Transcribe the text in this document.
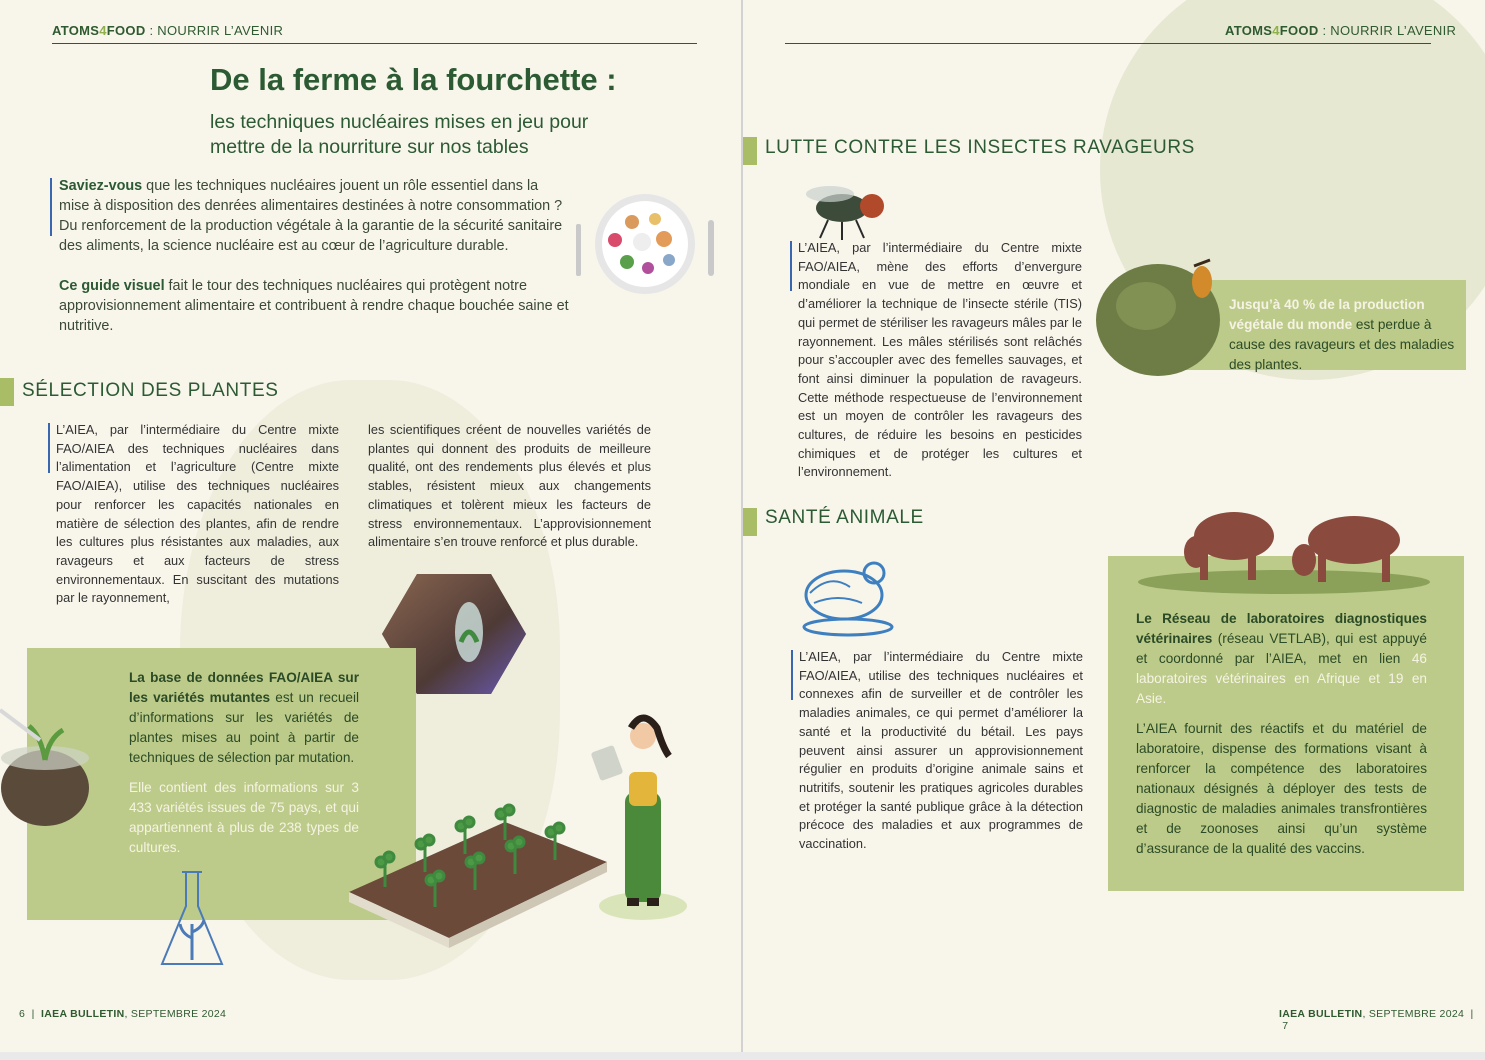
ATOMS4FOOD : NOURRIR L’AVENIR
De la ferme à la fourchette :
les techniques nucléaires mises en jeu pour mettre de la nourriture sur nos tables

Saviez-vous que les techniques nucléaires jouent un rôle essentiel dans la mise à disposition des denrées alimentaires destinées à notre consommation ? Du renforcement de la production végétale à la garantie de la sécurité sanitaire des aliments, la science nucléaire est au cœur de l’agriculture durable.

Ce guide visuel fait le tour des techniques nucléaires qui protègent notre approvisionnement alimentaire et contribuent à rendre chaque bouchée saine et nutritive.

SÉLECTION DES PLANTES
L’AIEA, par l’intermédiaire du Centre mixte FAO/AIEA des techniques nucléaires dans l’alimentation et l’agriculture (Centre mixte FAO/AIEA), utilise des techniques nucléaires pour renforcer les capacités nationales en matière de sélection des plantes, afin de rendre les cultures plus résistantes aux maladies, aux ravageurs et aux facteurs de stress environnementaux. En suscitant des mutations par le rayonnement,
les scientifiques créent de nouvelles variétés de plantes qui donnent des produits de meilleure qualité, ont des rendements plus élevés et plus stables, résistent mieux aux changements climatiques et tolèrent mieux les facteurs de stress environnementaux. L’approvisionnement alimentaire s’en trouve renforcé et plus durable.

La base de données FAO/AIEA sur les variétés mutantes est un recueil d’informations sur les variétés de plantes mises au point à partir de techniques de sélection par mutation.

Elle contient des informations sur 3 433 variétés issues de 75 pays, et qui appartiennent à plus de 238 types de cultures.

6  |  IAEA BULLETIN, SEPTEMBRE 2024
ATOMS4FOOD : NOURRIR L’AVENIR
LUTTE CONTRE LES INSECTES RAVAGEURS
L’AIEA, par l’intermédiaire du Centre mixte FAO/AIEA, mène des efforts d’envergure mondiale en vue de mettre en œuvre et d’améliorer la technique de l’insecte stérile (TIS) qui permet de stériliser les ravageurs mâles par le rayonnement. Les mâles stérilisés sont relâchés pour s’accoupler avec des femelles sauvages, et font ainsi diminuer la population de ravageurs. Cette méthode respectueuse de l’environnement est un moyen de contrôler les ravageurs des cultures, de réduire les besoins en pesticides chimiques et de protéger les cultures et l’environnement.
Jusqu’à 40 % de la production végétale du monde est perdue à cause des ravageurs et des maladies des plantes.
SANTÉ ANIMALE
L’AIEA, par l’intermédiaire du Centre mixte FAO/AIEA, utilise des techniques nucléaires et connexes afin de surveiller et de contrôler les maladies animales, ce qui permet d’améliorer la santé et la productivité du bétail. Les pays peuvent ainsi assurer un approvisionnement régulier en produits d’origine animale sains et nutritifs, soutenir les pratiques agricoles durables et protéger la santé publique grâce à la détection précoce des maladies et aux programmes de vaccination.

Le Réseau de laboratoires diagnostiques vétérinaires (réseau VETLAB), qui est appuyé et coordonné par l’AIEA, met en lien 46 laboratoires vétérinaires en Afrique et 19 en Asie.

L’AIEA fournit des réactifs et du matériel de laboratoire, dispense des formations visant à renforcer la compétence des laboratoires nationaux désignés à déployer des tests de diagnostic de maladies animales transfrontières et de zoonoses ainsi qu’un système d’assurance de la qualité des vaccins.

IAEA BULLETIN, SEPTEMBRE 2024  |  7
